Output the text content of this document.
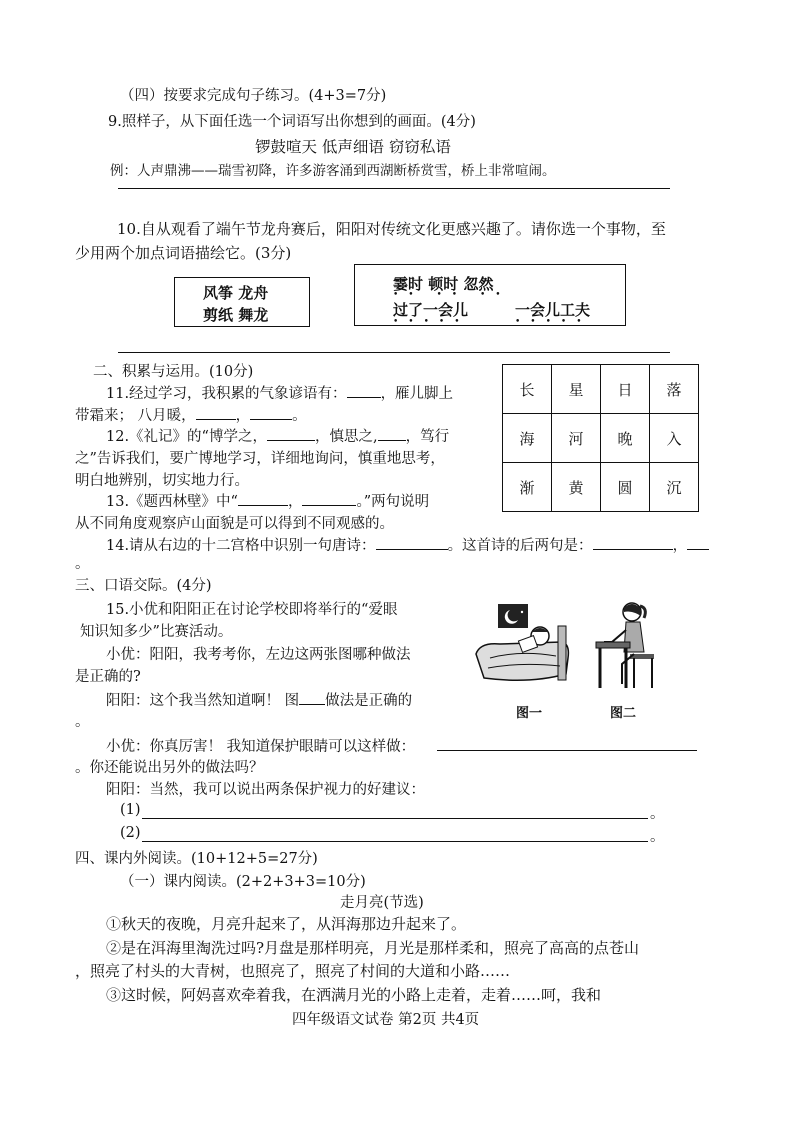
（四）按要求完成句子练习。(4+3=7分)
9.照样子，从下面任选一个词语写出你想到的画面。(4分)
锣鼓喧天 低声细语 窃窃私语
例：人声鼎沸——瑞雪初降，许多游客涌到西湖断桥赏雪，桥上非常喧闹。
10.自从观看了端午节龙舟赛后，阳阳对传统文化更感兴趣了。请你选一个事物，至
少用两个加点词语描绘它。(3分)
风筝 龙舟
剪纸 舞龙
霎时 顿时 忽然
过了一会儿	一会儿工夫
•••••	•••••
•• •• ••
二、积累与运用。(10分)
11.经过学习，我积累的气象谚语有： ，雁儿脚上
带霜来； 八月暖，	，	。
12.《礼记》的“博学之，	，慎思之, ，笃行
之”告诉我们，要广博地学习，详细地询问，慎重地思考，
明白地辨别，切实地力行。
13.《题西林壁》中“	，	。”两句说明
从不同角度观察庐山面貌是可以得到不同观感的。
14.请从右边的十二宫格中识别一句唐诗：	。这首诗的后两句是：	，
。
长	星	日	落
海	河	晚	入
渐	黄	圆	沉
三、口语交际。(4分)
15.小优和阳阳正在讨论学校即将举行的“爱眼
知识知多少”比赛活动。
小优：阳阳，我考考你，左边这两张图哪种做法
是正确的?
阳阳：这个我当然知道啊！ 图 做法是正确的
。
图一	图二
小优：你真厉害！ 我知道保护眼睛可以这样做：
。你还能说出另外的做法吗？
阳阳：当然，我可以说出两条保护视力的好建议：
(1)	。
(2)	。
四、课内外阅读。(10+12+5=27分)
（一）课内阅读。(2+2+3+3=10分)
走月亮(节选)
①秋天的夜晚，月亮升起来了，从洱海那边升起来了。
②是在洱海里淘洗过吗?月盘是那样明亮，月光是那样柔和，照亮了高高的点苍山
，照亮了村头的大青树，也照亮了，照亮了村间的大道和小路……
③这时候，阿妈喜欢牵着我，在洒满月光的小路上走着，走着……呵，我和
四年级语文试卷 第2页 共4页
